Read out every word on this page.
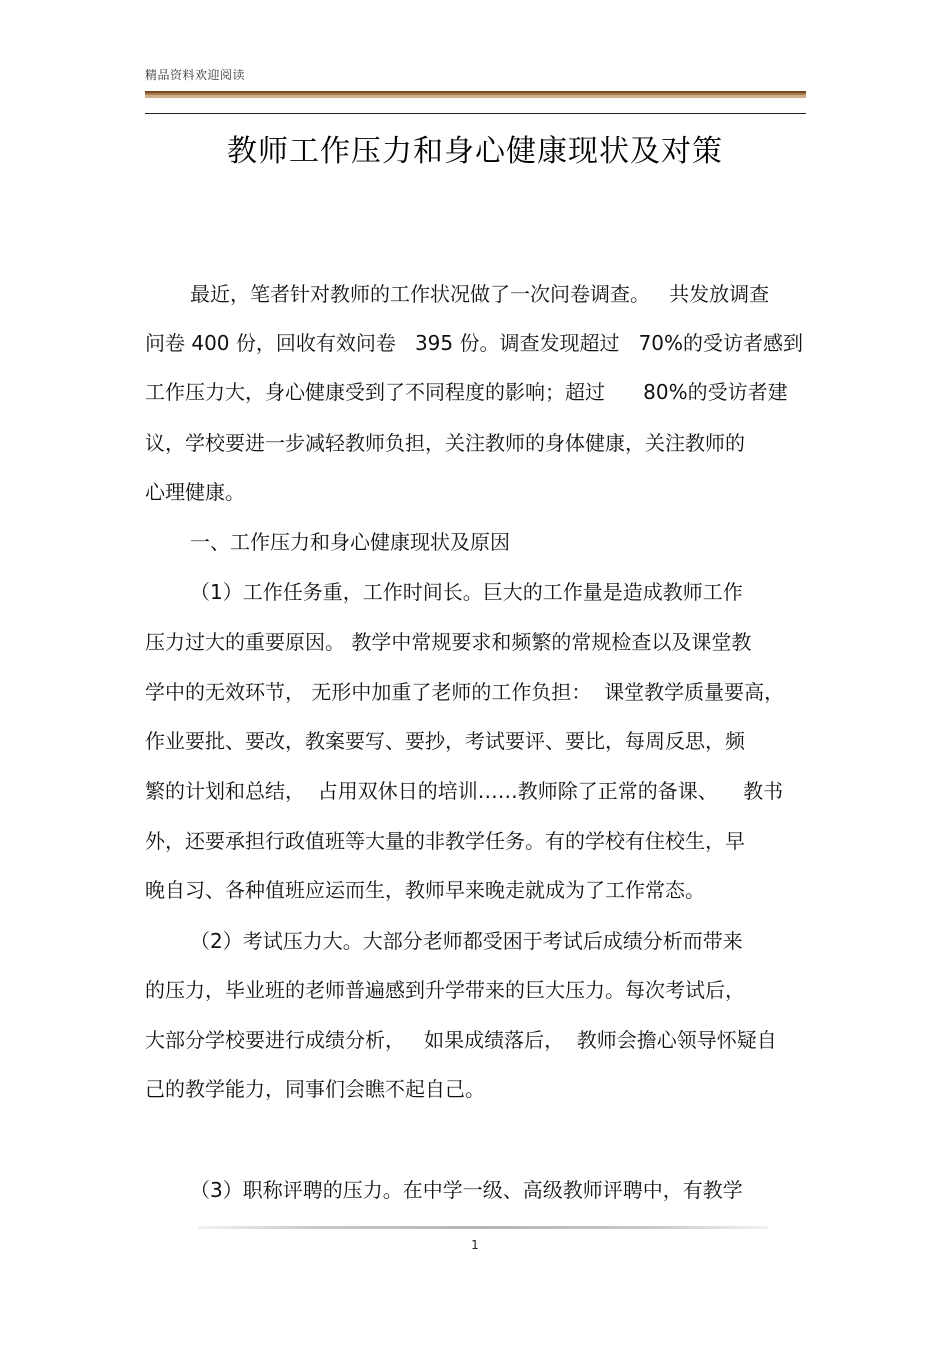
精品资料欢迎阅读
教师工作压力和身心健康现状及对策
最近，笔者针对教师的工作状况做了一次问卷调查。   共发放调查
问卷 400 份，回收有效问卷   395 份。调查发现超过   70%的受访者感到
工作压力大，身心健康受到了不同程度的影响；超过      80%的受访者建
议，学校要进一步减轻教师负担，关注教师的身体健康，关注教师的
心理健康。
一、工作压力和身心健康现状及原因
（1）工作任务重，工作时间长。巨大的工作量是造成教师工作
压力过大的重要原因。 教学中常规要求和频繁的常规检查以及课堂教
学中的无效环节， 无形中加重了老师的工作负担：  课堂教学质量要高，
作业要批、要改，教案要写、要抄，考试要评、要比，每周反思，频
繁的计划和总结，  占用双休日的培训……教师除了正常的备课、    教书
外，还要承担行政值班等大量的非教学任务。有的学校有住校生，早
晚自习、各种值班应运而生，教师早来晚走就成为了工作常态。
（2）考试压力大。大部分老师都受困于考试后成绩分析而带来
的压力，毕业班的老师普遍感到升学带来的巨大压力。每次考试后，
大部分学校要进行成绩分析，   如果成绩落后，  教师会擔心领导怀疑自
己的教学能力，同事们会瞧不起自己。
（3）职称评聘的压力。在中学一级、高级教师评聘中，有教学
1
